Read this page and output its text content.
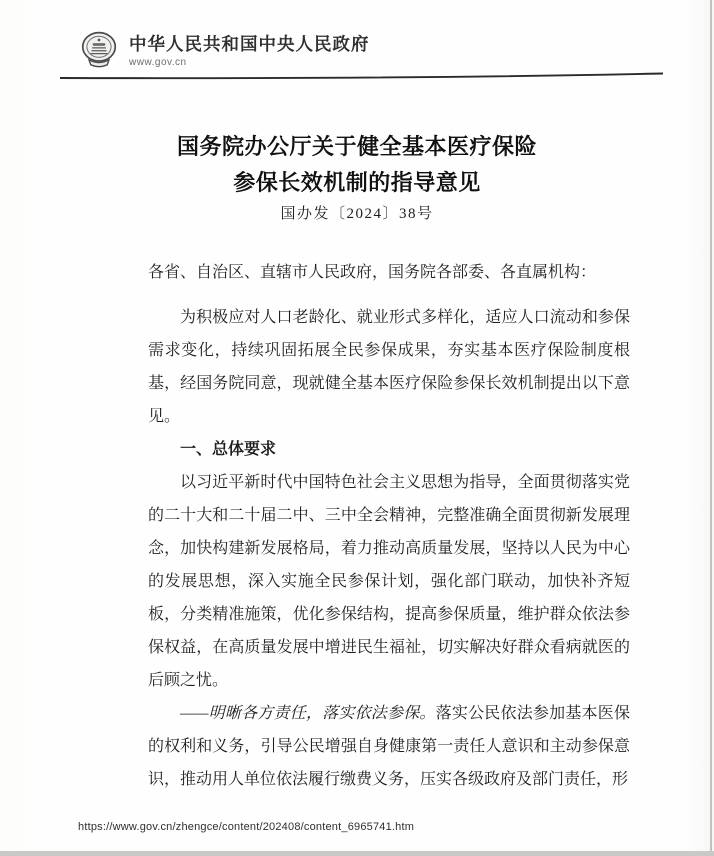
中华人民共和国中央人民政府
www.gov.cn
国务院办公厅关于健全基本医疗保险
参保长效机制的指导意见
国办发〔2024〕38号

各省、自治区、直辖市人民政府，国务院各部委、各直属机构：

为积极应对人口老龄化、就业形式多样化，适应人口流动和参保需求变化，持续巩固拓展全民参保成果，夯实基本医疗保险制度根基，经国务院同意，现就健全基本医疗保险参保长效机制提出以下意见。

一、总体要求

以习近平新时代中国特色社会主义思想为指导，全面贯彻落实党的二十大和二十届二中、三中全会精神，完整准确全面贯彻新发展理念，加快构建新发展格局，着力推动高质量发展，坚持以人民为中心的发展思想，深入实施全民参保计划，强化部门联动，加快补齐短板，分类精准施策，优化参保结构，提高参保质量，维护群众依法参保权益，在高质量发展中增进民生福祉，切实解决好群众看病就医的后顾之忧。

——明晰各方责任，落实依法参保。落实公民依法参加基本医保的权利和义务，引导公民增强自身健康第一责任人意识和主动参保意识，推动用人单位依法履行缴费义务，压实各级政府及部门责任，形

https://www.gov.cn/zhengce/content/202408/content_6965741.htm
